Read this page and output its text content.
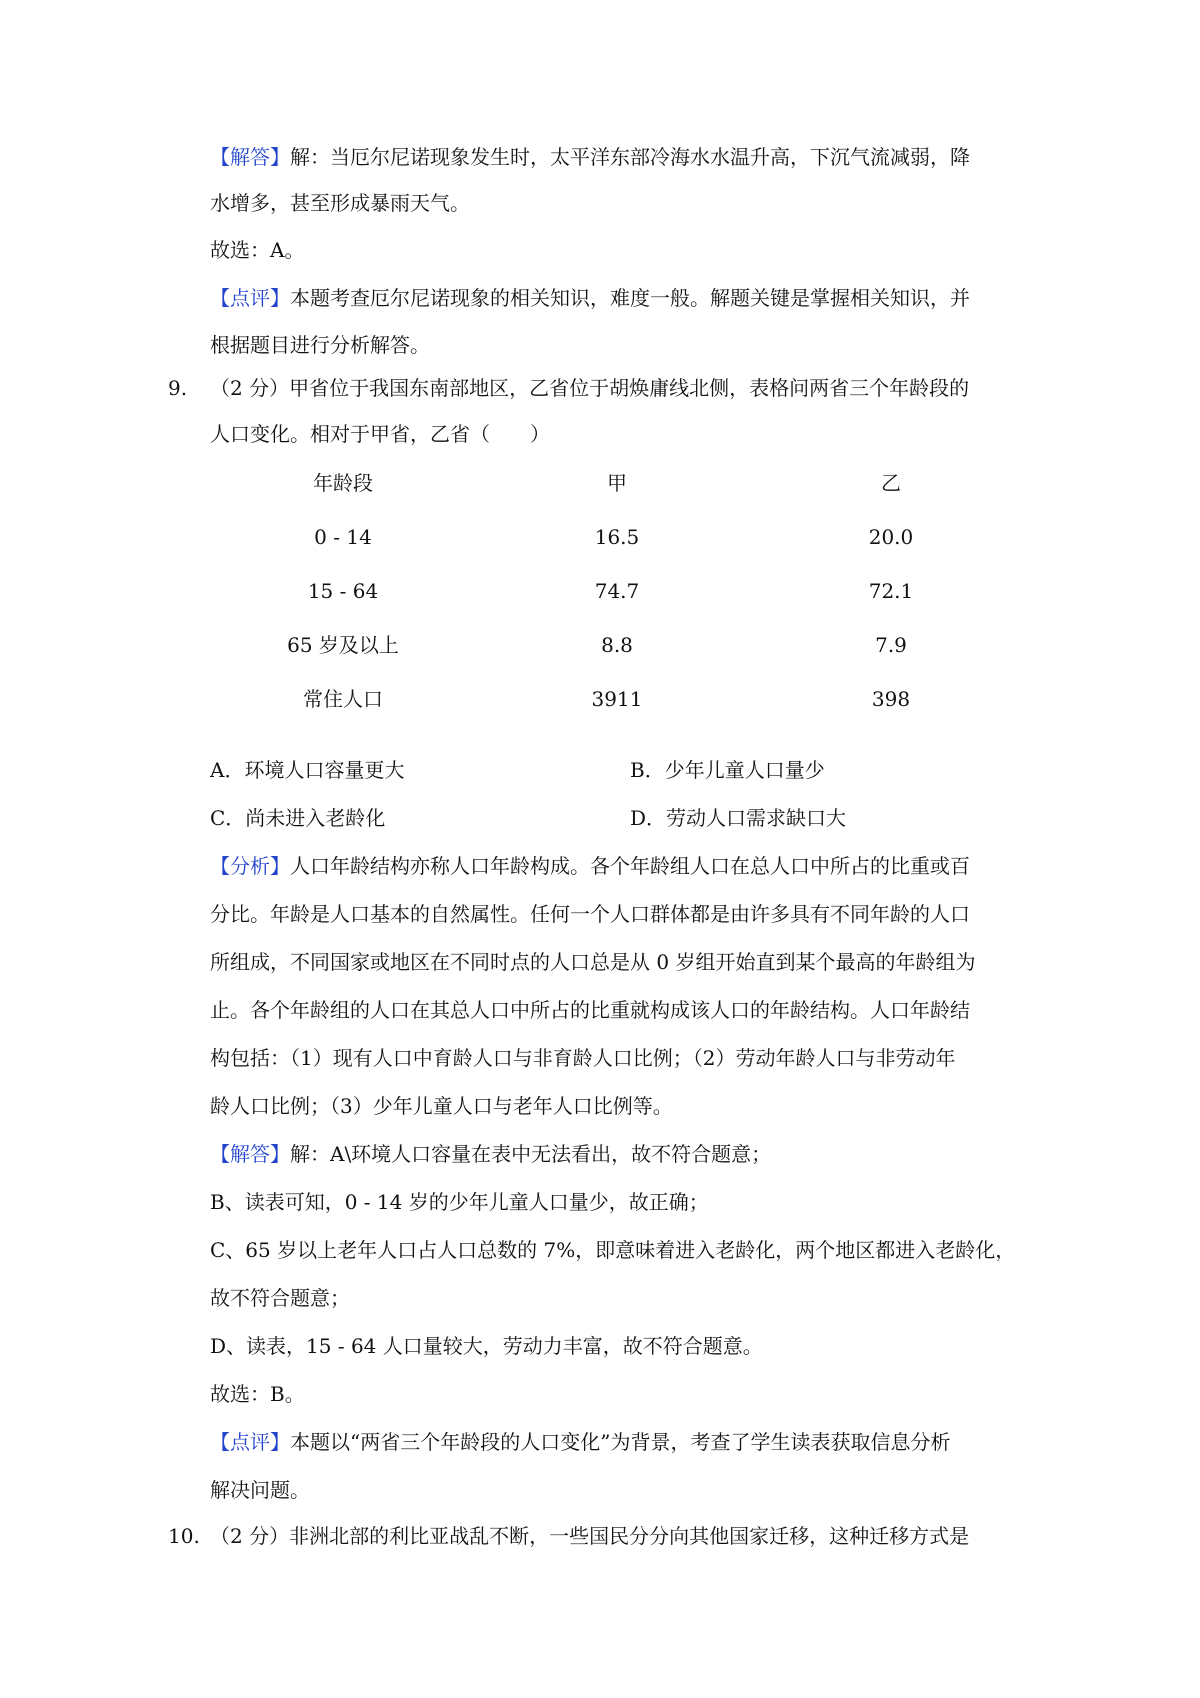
【解答】解：当厄尔尼诺现象发生时，太平洋东部冷海水水温升高，下沉气流减弱，降
水增多，甚至形成暴雨天气。
故选：A。
【点评】本题考查厄尔尼诺现象的相关知识，难度一般。解题关键是掌握相关知识，并
根据题目进行分析解答。
9. （2 分）甲省位于我国东南部地区，乙省位于胡焕庸线北侧，表格问两省三个年龄段的
人口变化。相对于甲省，乙省（　　）
年龄段	甲	乙
0 - 14	16.5	20.0
15 - 64	74.7	72.1
65 岁及以上	8.8	7.9
常住人口	3911	398
A．环境人口容量更大	B．少年儿童人口量少
C．尚未进入老龄化	D．劳动人口需求缺口大
【分析】人口年龄结构亦称人口年龄构成。各个年龄组人口在总人口中所占的比重或百
分比。年龄是人口基本的自然属性。任何一个人口群体都是由许多具有不同年龄的人口
所组成，不同国家或地区在不同时点的人口总是从 0 岁组开始直到某个最高的年龄组为
止。各个年龄组的人口在其总人口中所占的比重就构成该人口的年龄结构。人口年龄结
构包括：（1）现有人口中育龄人口与非育龄人口比例；（2）劳动年龄人口与非劳动年
龄人口比例；（3）少年儿童人口与老年人口比例等。
【解答】解：A\环境人口容量在表中无法看出，故不符合题意；
B、读表可知，0 - 14 岁的少年儿童人口量少，故正确；
C、65 岁以上老年人口占人口总数的 7%，即意味着进入老龄化，两个地区都进入老龄化，
故不符合题意；
D、读表，15 - 64 人口量较大，劳动力丰富，故不符合题意。
故选：B。
【点评】本题以“两省三个年龄段的人口变化”为背景，考查了学生读表获取信息分析
解决问题。
10. （2 分）非洲北部的利比亚战乱不断，一些国民分分向其他国家迁移，这种迁移方式是
